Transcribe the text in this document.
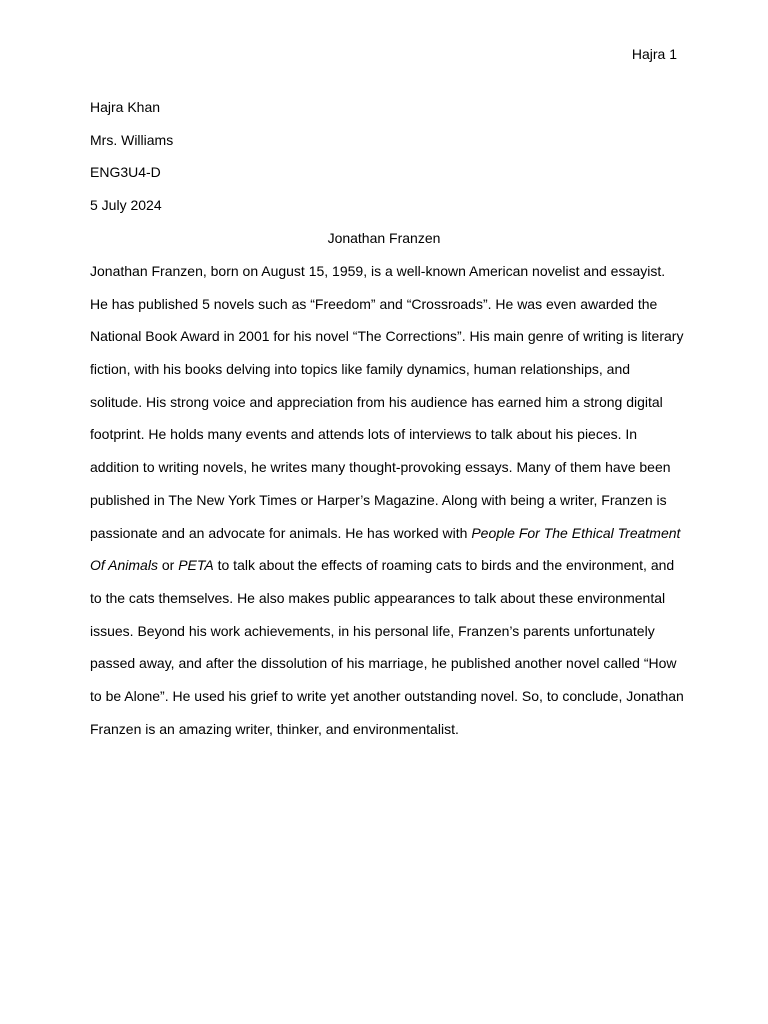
Hajra 1
Hajra Khan
Mrs. Williams
ENG3U4-D
5 July 2024
Jonathan Franzen
Jonathan Franzen, born on August 15, 1959, is a well-known American novelist and essayist.
He has published 5 novels such as “Freedom” and “Crossroads”. He was even awarded the
National Book Award in 2001 for his novel “The Corrections”. His main genre of writing is literary
fiction, with his books delving into topics like family dynamics, human relationships, and
solitude. His strong voice and appreciation from his audience has earned him a strong digital
footprint. He holds many events and attends lots of interviews to talk about his pieces. In
addition to writing novels, he writes many thought-provoking essays. Many of them have been
published in The New York Times or Harper’s Magazine. Along with being a writer, Franzen is
passionate and an advocate for animals. He has worked with People For The Ethical Treatment
Of Animals or PETA to talk about the effects of roaming cats to birds and the environment, and
to the cats themselves. He also makes public appearances to talk about these environmental
issues. Beyond his work achievements, in his personal life, Franzen’s parents unfortunately
passed away, and after the dissolution of his marriage, he published another novel called “How
to be Alone”. He used his grief to write yet another outstanding novel. So, to conclude, Jonathan
Franzen is an amazing writer, thinker, and environmentalist.
